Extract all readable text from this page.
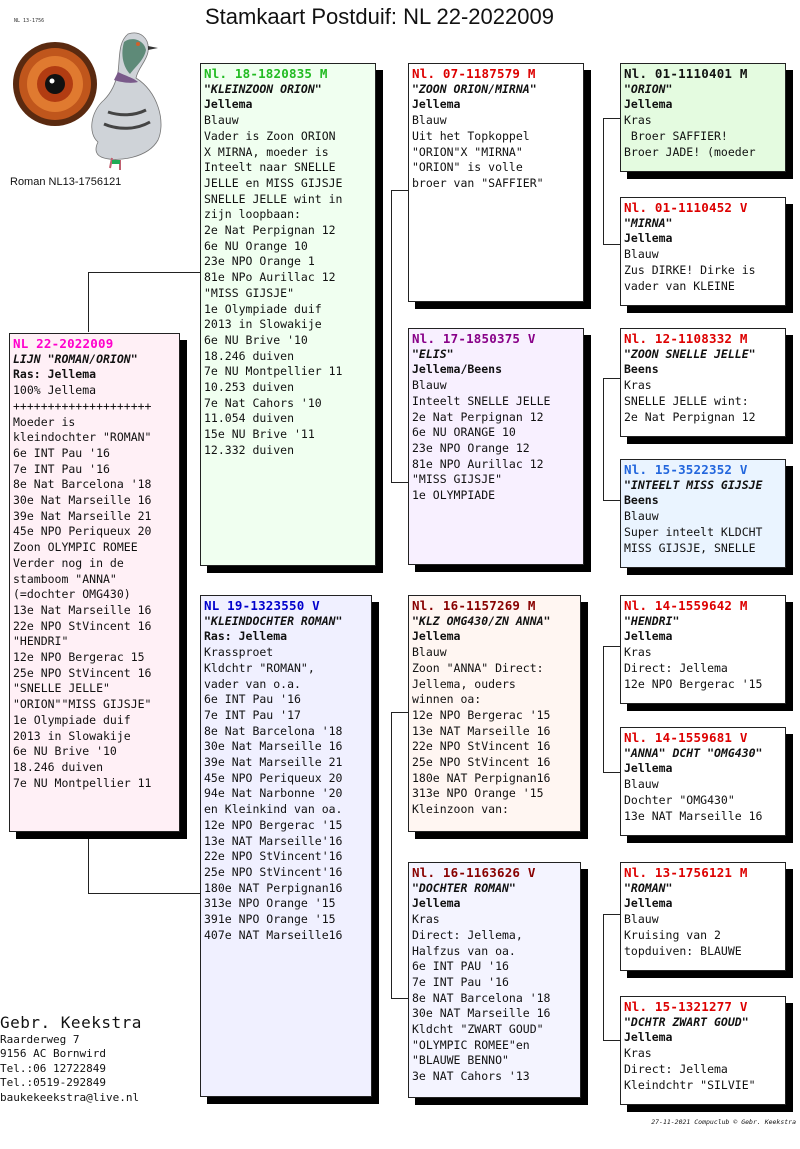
Stamkaart Postduif: NL 22-2022009
NL 13-1756
Roman NL13-1756121
NL 22-2022009
LIJN "ROMAN/ORION"
Ras: Jellema
100% Jellema
++++++++++++++++++++
Moeder is
kleindochter "ROMAN"
6e INT Pau '16
7e INT Pau '16
8e Nat Barcelona '18
30e Nat Marseille 16
39e Nat Marseille 21
45e NPO Periqueux 20
Zoon OLYMPIC ROMEE
Verder nog in de
stamboom "ANNA"
(=dochter OMG430)
13e Nat Marseille 16
22e NPO StVincent 16
"HENDRI"
12e NPO Bergerac 15
25e NPO StVincent 16
"SNELLE JELLE"
"ORION""MISS GIJSJE"
1e Olympiade duif
2013 in Slowakije
6e NU Brive '10
18.246 duiven
7e NU Montpellier 11
Nl. 18-1820835 M
"KLEINZOON ORION"
Jellema
Blauw
Vader is Zoon ORION
X MIRNA, moeder is
Inteelt naar SNELLE
JELLE en MISS GIJSJE
SNELLE JELLE wint in
zijn loopbaan:
2e Nat Perpignan 12
6e NU Orange 10
23e NPO Orange 1
81e NPo Aurillac 12
"MISS GIJSJE"
1e Olympiade duif
2013 in Slowakije
6e NU Brive '10
18.246 duiven
7e NU Montpellier 11
10.253 duiven
7e Nat Cahors '10
11.054 duiven
15e NU Brive '11
12.332 duiven
NL 19-1323550 V
"KLEINDOCHTER ROMAN"
Ras: Jellema
Krassproet
Kldchtr "ROMAN",
vader van o.a.
6e INT Pau '16
7e INT Pau '17
8e Nat Barcelona '18
30e Nat Marseille 16
39e Nat Marseille 21
45e NPO Periqueux 20
94e Nat Narbonne '20
en Kleinkind van oa.
12e NPO Bergerac '15
13e NAT Marseille'16
22e NPO StVincent'16
25e NPO StVincent'16
180e NAT Perpignan16
313e NPO Orange '15
391e NPO Orange '15
407e NAT Marseille16
Nl. 07-1187579 M
"ZOON ORION/MIRNA"
Jellema
Blauw
Uit het Topkoppel
"ORION"X "MIRNA"
"ORION" is volle
broer van "SAFFIER"
Nl. 17-1850375 V
"ELIS"
Jellema/Beens
Blauw
Inteelt SNELLE JELLE
2e Nat Perpignan 12
6e NU ORANGE 10
23e NPO Orange 12
81e NPO Aurillac 12
"MISS GIJSJE"
1e OLYMPIADE
Nl. 16-1157269 M
"KLZ OMG430/ZN ANNA"
Jellema
Blauw
Zoon "ANNA" Direct:
Jellema, ouders
winnen oa:
12e NPO Bergerac '15
13e NAT Marseille 16
22e NPO StVincent 16
25e NPO StVincent 16
180e NAT Perpignan16
313e NPO Orange '15
Kleinzoon van:
Nl. 16-1163626 V
"DOCHTER ROMAN"
Jellema
Kras
Direct: Jellema,
Halfzus van oa.
6e INT PAU '16
7e INT Pau '16
8e NAT Barcelona '18
30e NAT Marseille 16
Kldcht "ZWART GOUD"
"OLYMPIC ROMEE"en
"BLAUWE BENNO"
3e NAT Cahors '13
Nl. 01-1110401 M
"ORION"
Jellema
Kras
Broer SAFFIER!
Broer JADE! (moeder
Nl. 01-1110452 V
"MIRNA"
Jellema
Blauw
Zus DIRKE! Dirke is
vader van KLEINE
Nl. 12-1108332 M
"ZOON SNELLE JELLE"
Beens
Kras
SNELLE JELLE wint:
2e Nat Perpignan 12
Nl. 15-3522352 V
"INTEELT MISS GIJSJE
Beens
Blauw
Super inteelt KLDCHT
MISS GIJSJE, SNELLE
Nl. 14-1559642 M
"HENDRI"
Jellema
Kras
Direct: Jellema
12e NPO Bergerac '15
Nl. 14-1559681 V
"ANNA" DCHT "OMG430"
Jellema
Blauw
Dochter "OMG430"
13e NAT Marseille 16
Nl. 13-1756121 M
"ROMAN"
Jellema
Blauw
Kruising van 2
topduiven: BLAUWE
Nl. 15-1321277 V
"DCHTR ZWART GOUD"
Jellema
Kras
Direct: Jellema
Kleindchtr "SILVIE"
Gebr. Keekstra
Raarderweg 7
9156 AC Bornwird
Tel.:06 12722849
Tel.:0519-292849
baukekeekstra@live.nl
27-11-2021 Compuclub © Gebr. Keekstra
